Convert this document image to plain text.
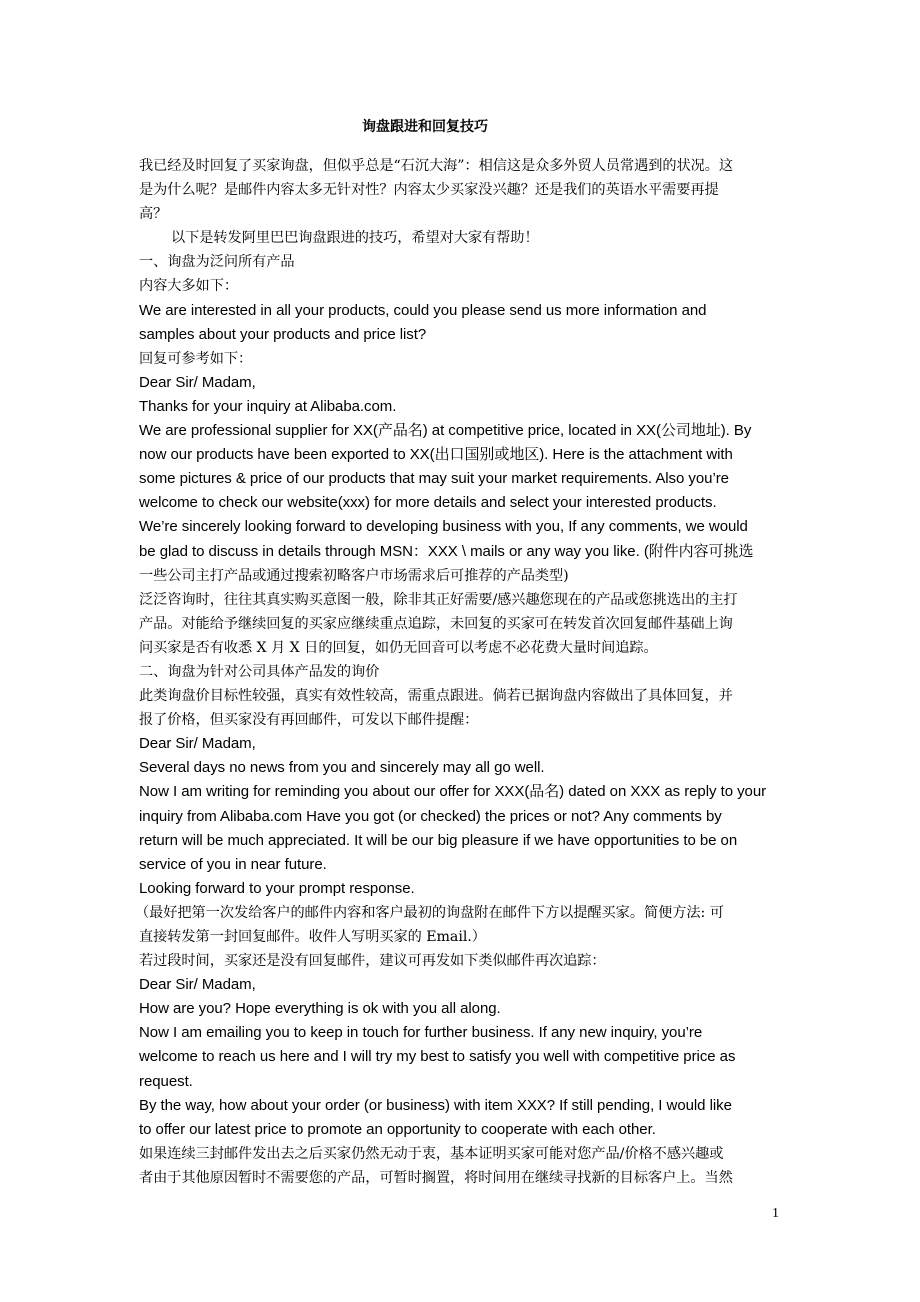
询盘跟进和回复技巧
我已经及时回复了买家询盘，但似乎总是“石沉大海”：相信这是众多外贸人员常遇到的状况。这
是为什么呢？是邮件内容太多无针对性？内容太少买家没兴趣？还是我们的英语水平需要再提
高？
以下是转发阿里巴巴询盘跟进的技巧，希望对大家有帮助！
一、询盘为泛问所有产品
内容大多如下：
We are interested in all your products, could you please send us more information and
samples about your products and price list?
回复可参考如下：
Dear Sir/ Madam,
Thanks for your inquiry at Alibaba.com.
We are professional supplier for XX(产品名) at competitive price, located in XX(公司地址). By
now our products have been exported to XX(出口国别或地区). Here is the attachment with
some pictures & price of our products that may suit your market requirements. Also you’re
welcome to check our website(xxx) for more details and select your interested products.
We’re sincerely looking forward to developing business with you, If any comments, we would
be glad to discuss in details through MSN：XXX \ mails or any way you like. (附件内容可挑选
一些公司主打产品或通过搜索初略客户市场需求后可推荐的产品类型)
泛泛咨询时，往往其真实购买意图一般，除非其正好需要/感兴趣您现在的产品或您挑选出的主打
产品。对能给予继续回复的买家应继续重点追踪，未回复的买家可在转发首次回复邮件基础上询
问买家是否有收悉 X 月 X 日的回复，如仍无回音可以考虑不必花费大量时间追踪。
二、询盘为针对公司具体产品发的询价
此类询盘价目标性较强，真实有效性较高，需重点跟进。倘若已据询盘内容做出了具体回复，并
报了价格，但买家没有再回邮件，可发以下邮件提醒：
Dear Sir/ Madam,
Several days no news from you and sincerely may all go well.
Now I am writing for reminding you about our offer for XXX(品名) dated on XXX as reply to your
inquiry from Alibaba.com Have you got (or checked) the prices or not? Any comments by
return will be much appreciated. It will be our big pleasure if we have opportunities to be on
service of you in near future.
Looking forward to your prompt response.
（最好把第一次发给客户的邮件内容和客户最初的询盘附在邮件下方以提醒买家。简便方法: 可
直接转发第一封回复邮件。收件人写明买家的 Email.）
若过段时间，买家还是没有回复邮件，建议可再发如下类似邮件再次追踪：
Dear Sir/ Madam,
How are you? Hope everything is ok with you all along.
Now I am emailing you to keep in touch for further business. If any new inquiry, you’re
welcome to reach us here and I will try my best to satisfy you well with competitive price as
request.
By the way, how about your order (or business) with item XXX? If still pending, I would like
to offer our latest price to promote an opportunity to cooperate with each other.
如果连续三封邮件发出去之后买家仍然无动于衷，基本证明买家可能对您产品/价格不感兴趣或
者由于其他原因暂时不需要您的产品，可暂时搁置，将时间用在继续寻找新的目标客户上。当然
1
